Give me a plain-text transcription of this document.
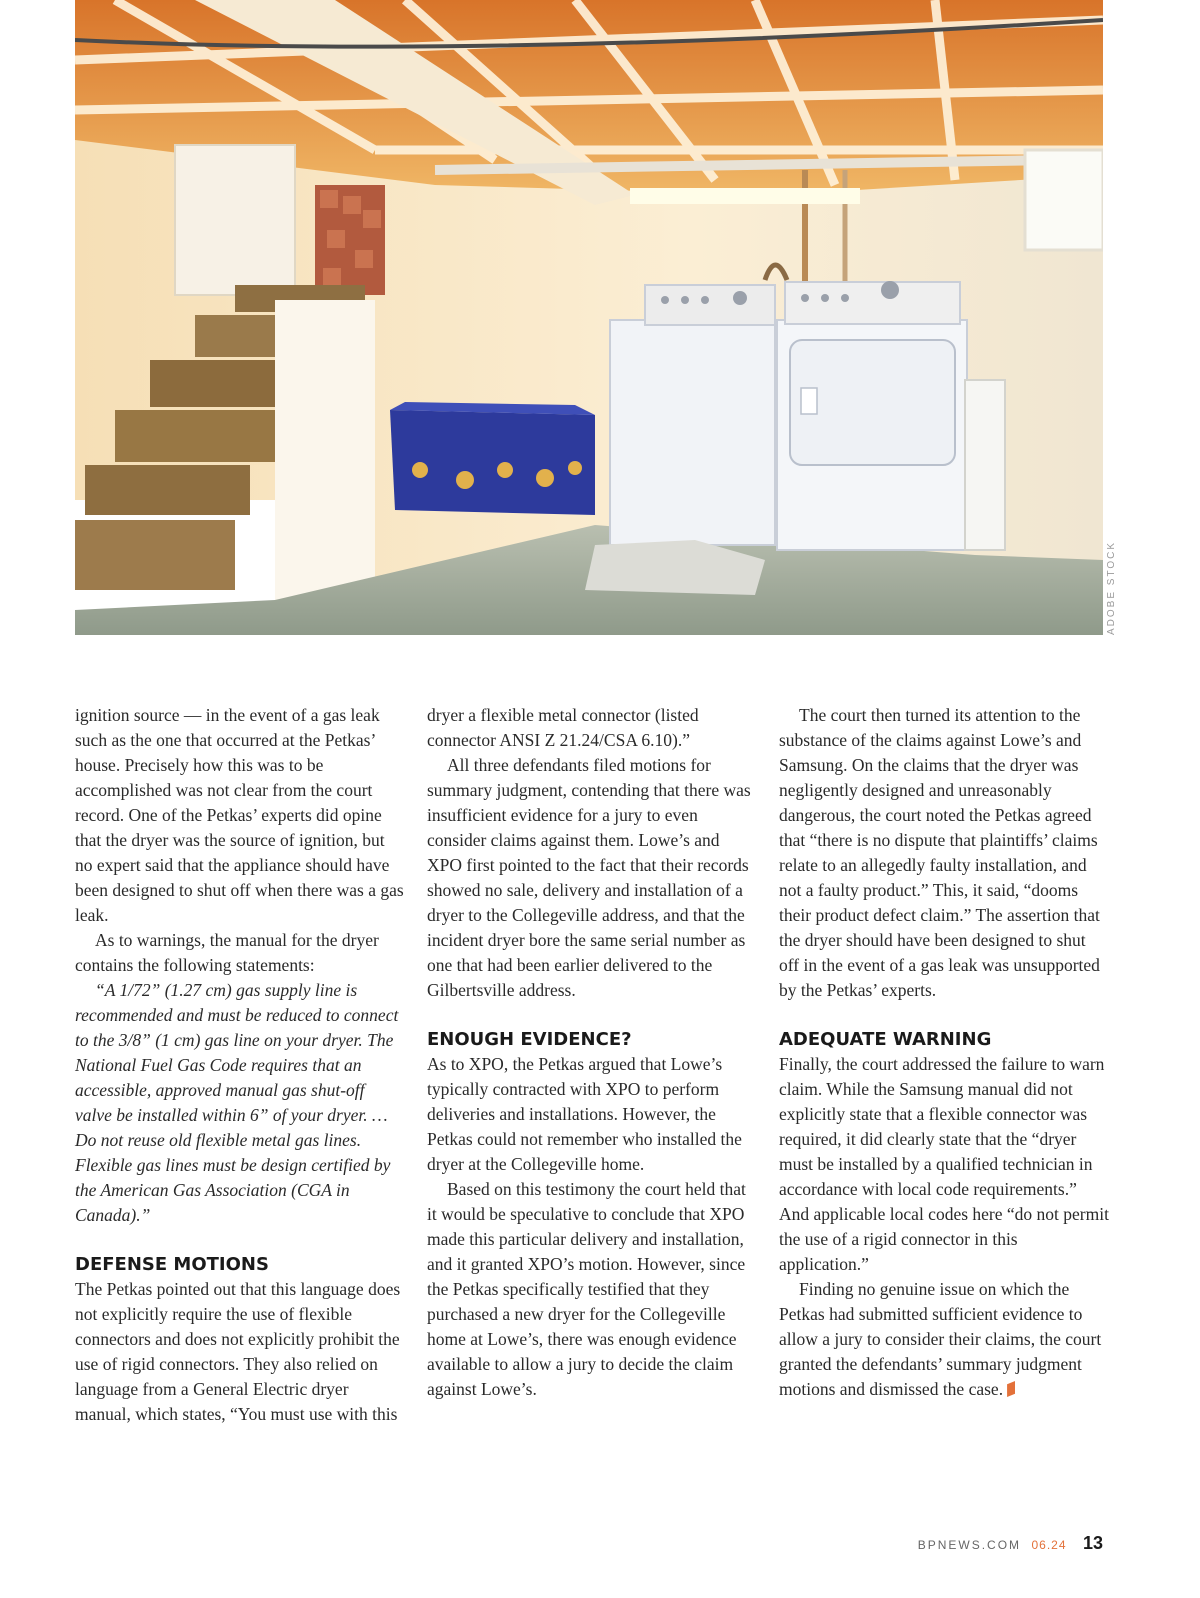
ADOBE STOCK

ignition source — in the event of a gas leak such as the one that occurred at the Petkas’ house. Precisely how this was to be accomplished was not clear from the court record. One of the Petkas’ experts did opine that the dryer was the source of ignition, but no expert said that the appliance should have been designed to shut off when there was a gas leak.

As to warnings, the manual for the dryer contains the following statements:

“A 1/72” (1.27 cm) gas supply line is recommended and must be reduced to connect to the 3/8” (1 cm) gas line on your dryer. The National Fuel Gas Code requires that an accessible, approved manual gas shut-off valve be installed within 6” of your dryer. … Do not reuse old flexible metal gas lines. Flexible gas lines must be design certified by the American Gas Association (CGA in Canada).”

DEFENSE MOTIONS

The Petkas pointed out that this language does not explicitly require the use of flexible connectors and does not explicitly prohibit the use of rigid connectors. They also relied on language from a General Electric dryer manual, which states, “You must use with this

dryer a flexible metal connector (listed connector ANSI Z 21.24/CSA 6.10).”

All three defendants filed motions for summary judgment, contending that there was insufficient evidence for a jury to even consider claims against them. Lowe’s and XPO first pointed to the fact that their records showed no sale, delivery and installation of a dryer to the Collegeville address, and that the incident dryer bore the same serial number as one that had been earlier delivered to the Gilbertsville address.

ENOUGH EVIDENCE?

As to XPO, the Petkas argued that Lowe’s typically contracted with XPO to perform deliveries and installations. However, the Petkas could not remember who installed the dryer at the Collegeville home.

Based on this testimony the court held that it would be speculative to conclude that XPO made this particular delivery and installation, and it granted XPO’s motion. However, since the Petkas specifically testified that they purchased a new dryer for the Collegeville home at Lowe’s, there was enough evidence available to allow a jury to decide the claim against Lowe’s.

The court then turned its attention to the substance of the claims against Lowe’s and Samsung. On the claims that the dryer was negligently designed and unreasonably dangerous, the court noted the Petkas agreed that “there is no dispute that plaintiffs’ claims relate to an allegedly faulty installation, and not a faulty product.” This, it said, “dooms their product defect claim.” The assertion that the dryer should have been designed to shut off in the event of a gas leak was unsupported by the Petkas’ experts.

ADEQUATE WARNING

Finally, the court addressed the failure to warn claim. While the Samsung manual did not explicitly state that a flexible connector was required, it did clearly state that the “dryer must be installed by a qualified technician in accordance with local code requirements.” And applicable local codes here “do not permit the use of a rigid connector in this application.”

Finding no genuine issue on which the Petkas had submitted sufficient evidence to allow a jury to consider their claims, the court granted the defendants’ summary judgment motions and dismissed the case.

BPNEWS.COM 06.24 13
